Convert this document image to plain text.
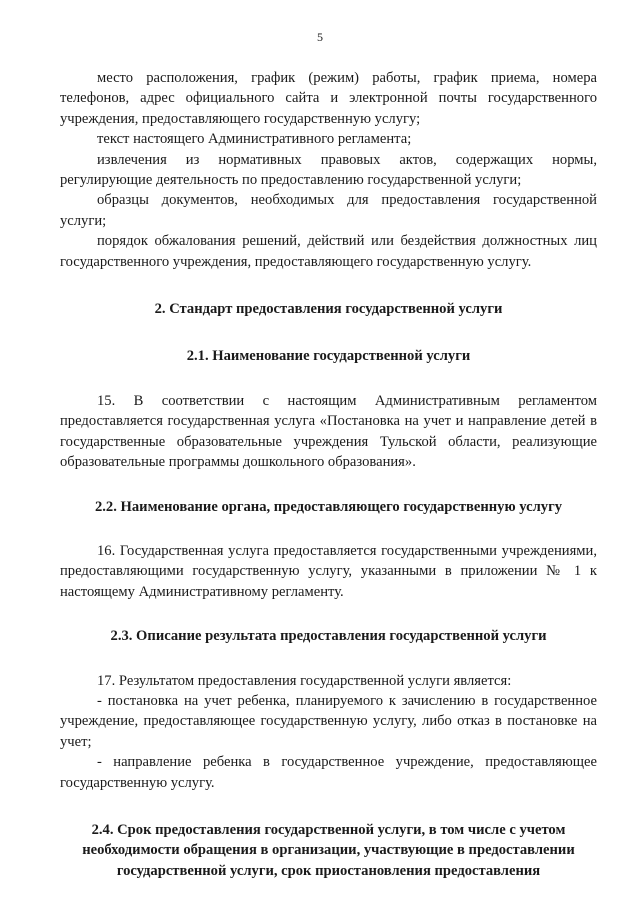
5

место расположения, график (режим) работы, график приема, номера телефонов, адрес официального сайта и электронной почты государственного учреждения, предоставляющего государственную услугу;

текст настоящего Административного регламента;

извлечения из нормативных правовых актов, содержащих нормы, регулирующие деятельность по предоставлению государственной услуги;

образцы документов, необходимых для предоставления государственной услуги;

порядок обжалования решений, действий или бездействия должностных лиц государственного учреждения, предоставляющего государственную услугу.

2. Стандарт предоставления государственной услуги

2.1. Наименование государственной услуги

15. В соответствии с настоящим Административным регламентом предоставляется государственная услуга «Постановка на учет и направление детей в государственные образовательные учреждения Тульской области, реализующие образовательные программы дошкольного образования».

2.2. Наименование органа, предоставляющего государственную услугу

16. Государственная услуга предоставляется государственными учреждениями, предоставляющими государственную услугу, указанными в приложении № 1 к настоящему Административному регламенту.

2.3. Описание результата предоставления государственной услуги

17. Результатом предоставления государственной услуги является:

- постановка на учет ребенка, планируемого к зачислению в государственное учреждение, предоставляющее государственную услугу, либо отказ в постановке на учет;

- направление ребенка в государственное учреждение, предоставляющее государственную услугу.

2.4. Срок предоставления государственной услуги, в том числе с учетом

необходимости обращения в организации, участвующие в предоставлении

государственной услуги, срок приостановления предоставления
